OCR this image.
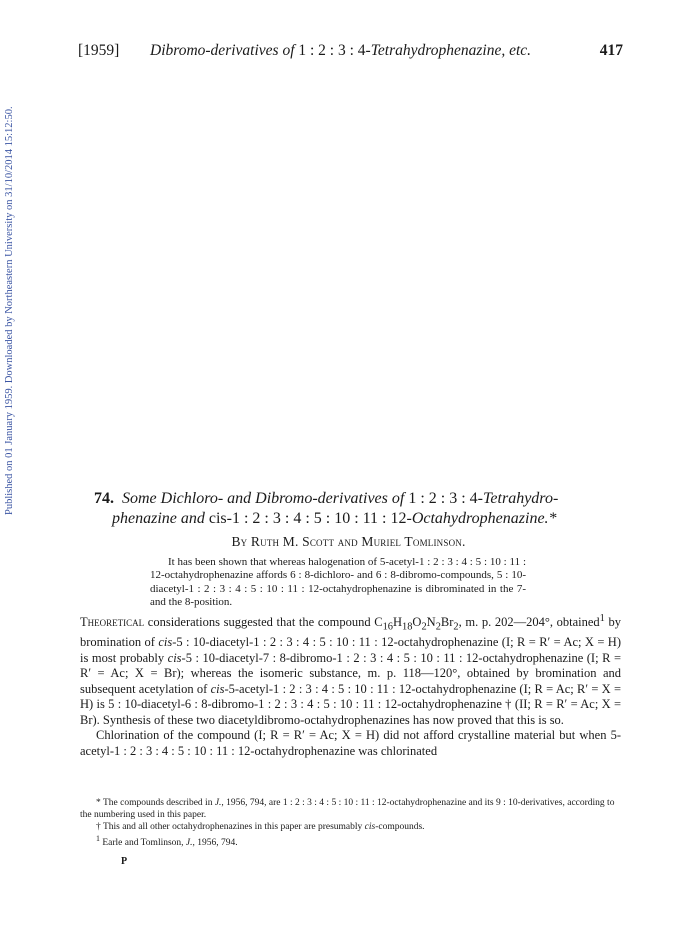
Published on 01 January 1959. Downloaded by Northeastern University on 31/10/2014 15:12:50.
[1959] Dibromo-derivatives of 1 : 2 : 3 : 4-Tetrahydrophenazine, etc.	417
74. Some Dichloro- and Dibromo-derivatives of 1 : 2 : 3 : 4-Tetrahydro-
phenazine and cis-1 : 2 : 3 : 4 : 5 : 10 : 11 : 12-Octahydrophenazine.*
By Ruth M. Scott and Muriel Tomlinson.

It has been shown that whereas halogenation of 5-acetyl-1 : 2 : 3 : 4 : 5 : 10 : 11 : 12-octahydrophenazine affords 6 : 8-dichloro- and 6 : 8-dibromo-compounds, 5 : 10-diacetyl-1 : 2 : 3 : 4 : 5 : 10 : 11 : 12-octahydrophenazine is dibrominated in the 7- and the 8-position.

Theoretical considerations suggested that the compound $C_{16}H_{18}O_2N_2Br_2$, m. p. 202—204°, obtained$^1$ by bromination of cis-5 : 10-diacetyl-1 : 2 : 3 : 4 : 5 : 10 : 11 : 12-octahydrophenazine (I; R = R′ = Ac; X = H) is most probably cis-5 : 10-diacetyl-7 : 8-dibromo-1 : 2 : 3 : 4 : 5 : 10 : 11 : 12-octahydrophenazine (I; R = R′ = Ac; X = Br); whereas the isomeric substance, m. p. 118—120°, obtained by bromination and subsequent acetylation of cis-5-acetyl-1 : 2 : 3 : 4 : 5 : 10 : 11 : 12-octahydrophenazine (I; R = Ac; R′ = X = H) is 5 : 10-diacetyl-6 : 8-dibromo-1 : 2 : 3 : 4 : 5 : 10 : 11 : 12-octahydrophenazine † (II; R = R′ = Ac; X = Br). Synthesis of these two diacetyldibromo-octahydrophenazines has now proved that this is so.

Chlorination of the compound (I; R = R′ = Ac; X = H) did not afford crystalline material but when 5-acetyl-1 : 2 : 3 : 4 : 5 : 10 : 11 : 12-octahydrophenazine was chlorinated

* The compounds described in J., 1956, 794, are 1 : 2 : 3 : 4 : 5 : 10 : 11 : 12-octahydrophenazine and its 9 : 10-derivatives, according to the numbering used in this paper.

† This and all other octahydrophenazines in this paper are presumably cis-compounds.

$^1$ Earle and Tomlinson, J., 1956, 794.

P
